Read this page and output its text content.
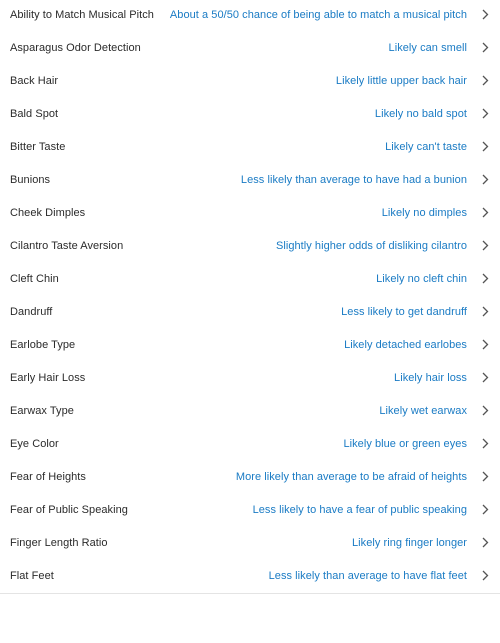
Ability to Match Musical Pitch	About a 50/50 chance of being able to match a musical pitch
Asparagus Odor Detection	Likely can smell
Back Hair	Likely little upper back hair
Bald Spot	Likely no bald spot
Bitter Taste	Likely can't taste
Bunions	Less likely than average to have had a bunion
Cheek Dimples	Likely no dimples
Cilantro Taste Aversion	Slightly higher odds of disliking cilantro
Cleft Chin	Likely no cleft chin
Dandruff	Less likely to get dandruff
Earlobe Type	Likely detached earlobes
Early Hair Loss	Likely hair loss
Earwax Type	Likely wet earwax
Eye Color	Likely blue or green eyes
Fear of Heights	More likely than average to be afraid of heights
Fear of Public Speaking	Less likely to have a fear of public speaking
Finger Length Ratio	Likely ring finger longer
Flat Feet	Less likely than average to have flat feet
